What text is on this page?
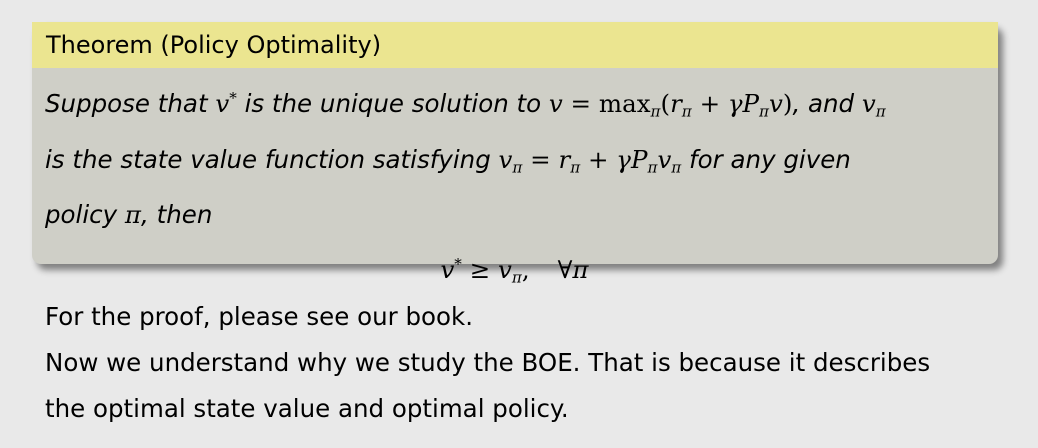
Theorem (Policy Optimality)
Suppose that v* is the unique solution to $v = \max_\pi(r_\pi + \gamma P_\pi v)$, and $v_\pi$
is the state value function satisfying $v_\pi = r_\pi + \gamma P_\pi v_\pi$ for any given
policy π, then
$v^* \ge v_\pi$, ∀π
For the proof, please see our book.
Now we understand why we study the BOE. That is because it describes
the optimal state value and optimal policy.
